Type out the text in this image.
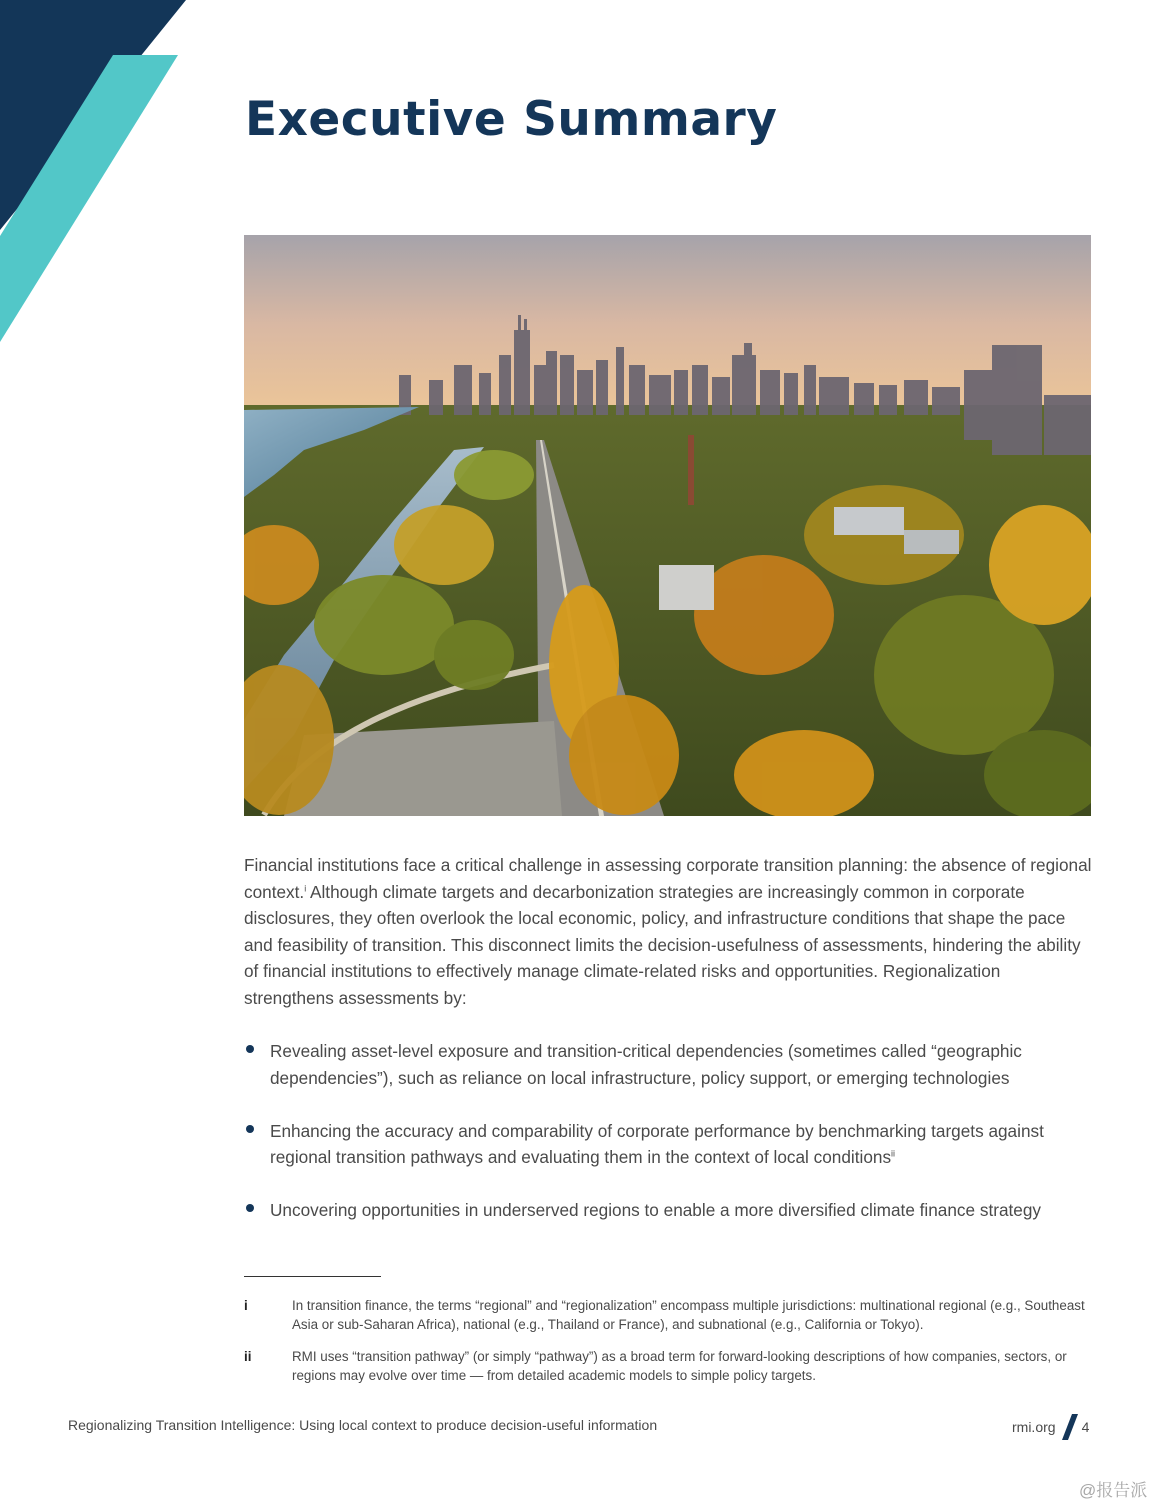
Executive Summary

Financial institutions face a critical challenge in assessing corporate transition planning: the absence of regional context.$^i$ Although climate targets and decarbonization strategies are increasingly common in corporate disclosures, they often overlook the local economic, policy, and infrastructure conditions that shape the pace and feasibility of transition. This disconnect limits the decision-usefulness of assessments, hindering the ability of financial institutions to effectively manage climate-related risks and opportunities. Regionalization strengthens assessments by:

Revealing asset-level exposure and transition-critical dependencies (sometimes called “geographic dependencies”), such as reliance on local infrastructure, policy support, or emerging technologies
Enhancing the accuracy and comparability of corporate performance by benchmarking targets against regional transition pathways and evaluating them in the context of local conditions$^{ii}$
Uncovering opportunities in underserved regions to enable a more diversified climate finance strategy
i	In transition finance, the terms “regional” and “regionalization” encompass multiple jurisdictions: multinational regional (e.g., Southeast Asia or sub-Saharan Africa), national (e.g., Thailand or France), and subnational (e.g., California or Tokyo).
ii	RMI uses “transition pathway” (or simply “pathway”) as a broad term for forward-looking descriptions of how companies, sectors, or regions may evolve over time — from detailed academic models to simple policy targets.
Regionalizing Transition Intelligence: Using local context to produce decision-useful information	rmi.org 4
@报告派
